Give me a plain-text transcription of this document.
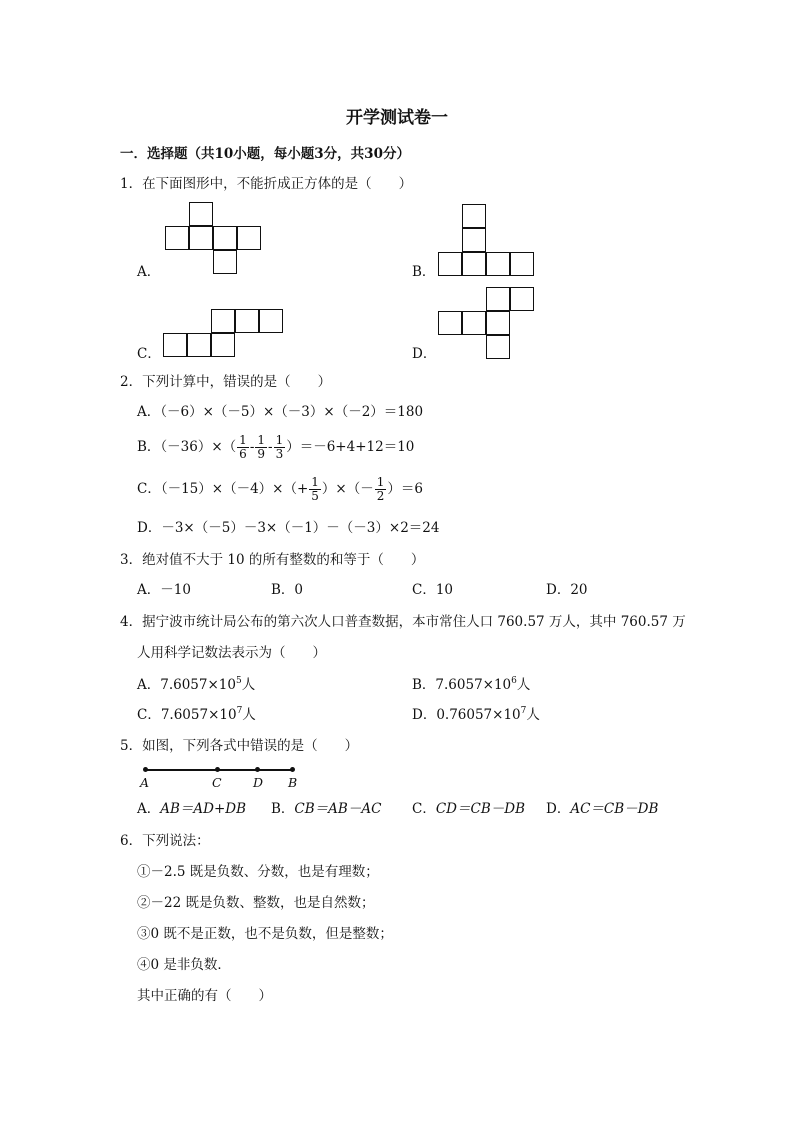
开学测试卷一
一．选择题（共10小题，每小题3分，共30分）
1．在下面图形中，不能折成正方体的是（　　）
A．	B．
C．	D．
2．下列计算中，错误的是（　　）
A．（－6）×（－5）×（－3）×（－2）＝180
B．$(-36)\times( \frac{1}{6} - \frac{1}{9} - \frac{1}{3} )=-6+4+12=10$
C．$(-15)\times(-4)\times(+ \frac{1}{5}$ ）×（－ $\frac{1}{2} )=6$
D．－3×（－5）－3×（－1）－（－3）×2＝24
3．绝对值不大于 10 的所有整数的和等于（　　）
A．－10	B．0	C．10	D．20
4．据宁波市统计局公布的第六次人口普查数据，本市常住人口 760.57 万人，其中 760.57 万
人用科学记数法表示为（　　）
A．$7.6057\times 10^5$人	B．$7.6057\times 10^6$人
C．$7.6057\times 10^7$人	D．$0.76057\times 10^7$人
5．如图，下列各式中错误的是（　　）
A	C	D B
A．AB＝AD+DB B．CB＝AB－AC C．CD＝CB－DB D．AC＝CB－DB
6．下列说法：
①－2.5 既是负数、分数，也是有理数；
②－22 既是负数、整数，也是自然数；
③0 既不是正数，也不是负数，但是整数；
④0 是非负数．
其中正确的有（　　）
